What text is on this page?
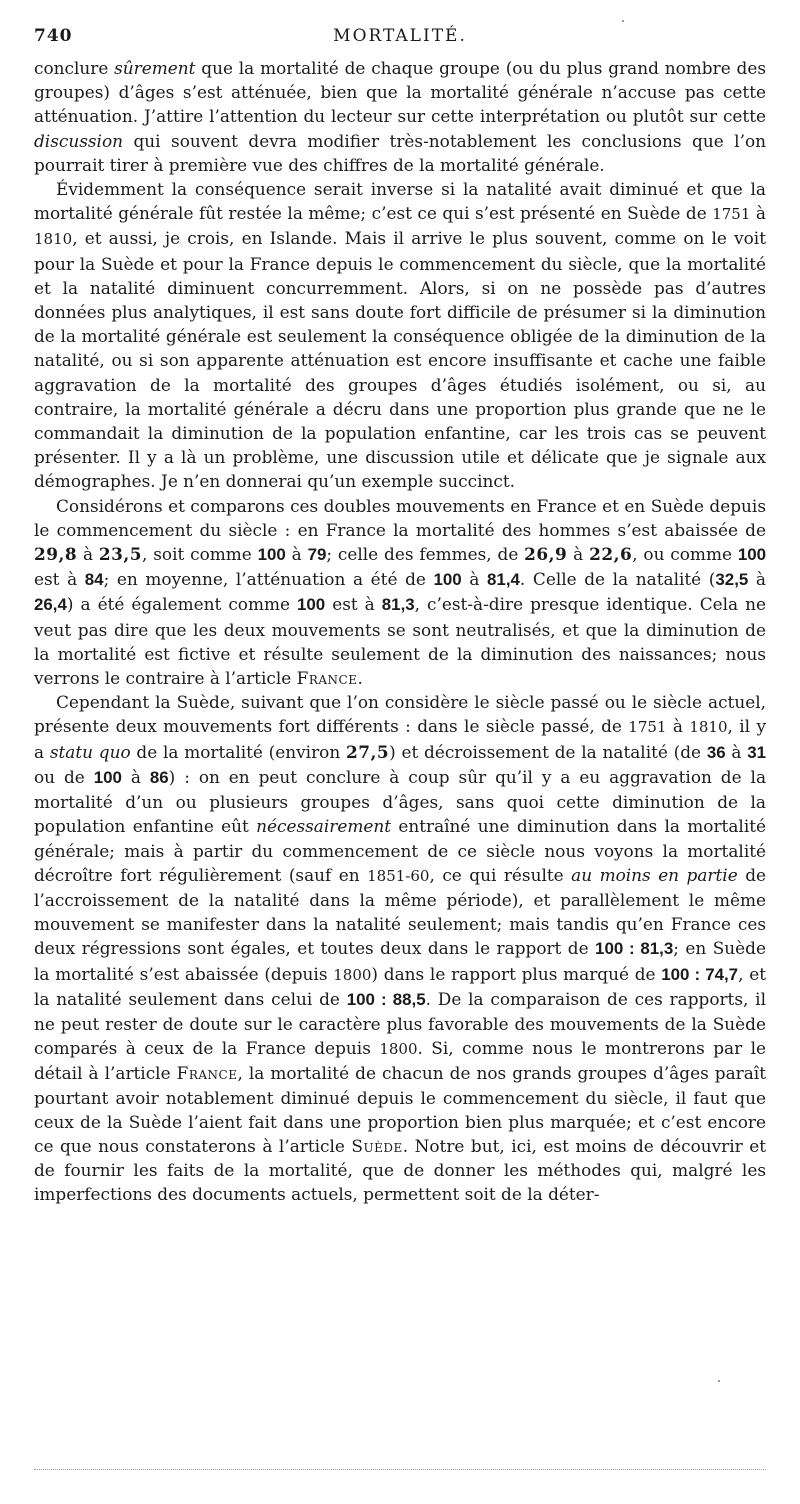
740	MORTALITÉ.

conclure sûrement que la mortalité de chaque groupe (ou du plus grand nombre des groupes) d’âges s’est atténuée, bien que la mortalité générale n’accuse pas cette atténuation. J’attire l’attention du lecteur sur cette interprétation ou plutôt sur cette discussion qui souvent devra modifier très-notablement les conclusions que l’on pourrait tirer à première vue des chiffres de la mortalité générale.

Évidemment la conséquence serait inverse si la natalité avait diminué et que la mortalité générale fût restée la même; c’est ce qui s’est présenté en Suède de 1751 à 1810, et aussi, je crois, en Islande. Mais il arrive le plus souvent, comme on le voit pour la Suède et pour la France depuis le commencement du siècle, que la mortalité et la natalité diminuent concurremment. Alors, si on ne possède pas d’autres données plus analytiques, il est sans doute fort difficile de présumer si la diminution de la mortalité générale est seulement la conséquence obligée de la diminution de la natalité, ou si son apparente atténuation est encore insuffisante et cache une faible aggravation de la mortalité des groupes d’âges étudiés isolément, ou si, au contraire, la mortalité générale a décru dans une proportion plus grande que ne le commandait la diminution de la population enfantine, car les trois cas se peuvent présenter. Il y a là un problème, une discussion utile et délicate que je signale aux démographes. Je n’en donnerai qu’un exemple succinct.

Considérons et comparons ces doubles mouvements en France et en Suède depuis le commencement du siècle : en France la mortalité des hommes s’est abaissée de 29,8 à 23,5, soit comme 100 à 79; celle des femmes, de 26,9 à 22,6, ou comme 100 est à 84; en moyenne, l’atténuation a été de 100 à 81,4. Celle de la natalité (32,5 à 26,4) a été également comme 100 est à 81,3, c’est-à-dire presque identique. Cela ne veut pas dire que les deux mouvements se sont neutralisés, et que la diminution de la mortalité est fictive et résulte seulement de la diminution des naissances; nous verrons le contraire à l’article France.

Cependant la Suède, suivant que l’on considère le siècle passé ou le siècle actuel, présente deux mouvements fort différents : dans le siècle passé, de 1751 à 1810, il y a statu quo de la mortalité (environ 27,5) et décroissement de la natalité (de 36 à 31 ou de 100 à 86) : on en peut conclure à coup sûr qu’il y a eu aggravation de la mortalité d’un ou plusieurs groupes d’âges, sans quoi cette diminution de la population enfantine eût nécessairement entraîné une diminution dans la mortalité générale; mais à partir du commencement de ce siècle nous voyons la mortalité décroître fort régulièrement (sauf en 1851-60, ce qui résulte au moins en partie de l’accroissement de la natalité dans la même période), et parallèlement le même mouvement se manifester dans la natalité seulement; mais tandis qu’en France ces deux régressions sont égales, et toutes deux dans le rapport de 100 : 81,3; en Suède la mortalité s’est abaissée (depuis 1800) dans le rapport plus marqué de 100 : 74,7, et la natalité seulement dans celui de 100 : 88,5. De la comparaison de ces rapports, il ne peut rester de doute sur le caractère plus favorable des mouvements de la Suède comparés à ceux de la France depuis 1800. Si, comme nous le montrerons par le détail à l’article France, la mortalité de chacun de nos grands groupes d’âges paraît pourtant avoir notablement diminué depuis le commencement du siècle, il faut que ceux de la Suède l’aient fait dans une proportion bien plus marquée; et c’est encore ce que nous constaterons à l’article Suède. Notre but, ici, est moins de découvrir et de fournir les faits de la mortalité, que de donner les méthodes qui, malgré les imperfections des documents actuels, permettent soit de la déter-
